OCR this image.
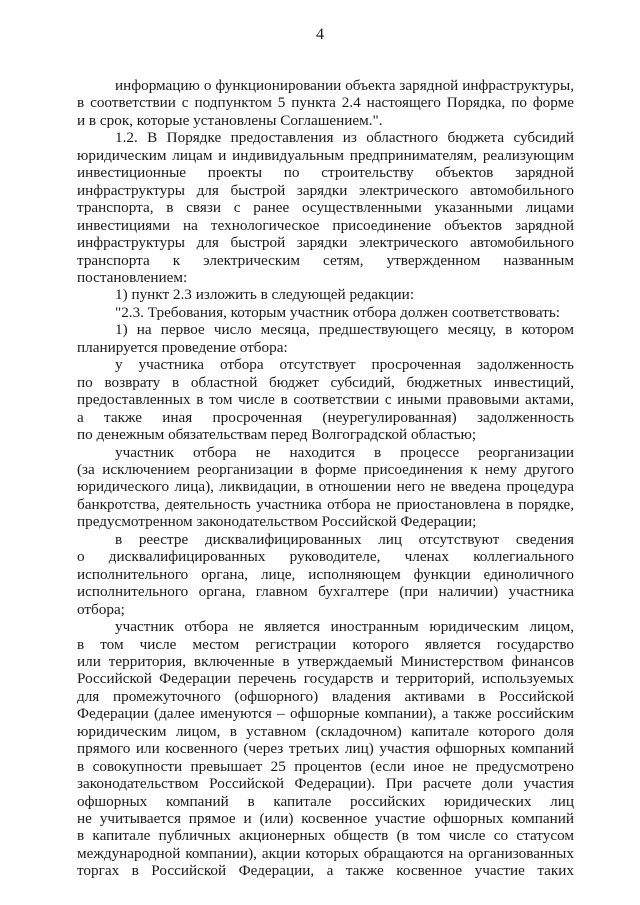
4
информацию о функционировании объекта зарядной инфраструктуры,
в соответствии с подпунктом 5 пункта 2.4 настоящего Порядка, по форме
и в срок, которые установлены Соглашением.".
1.2. В Порядке предоставления из областного бюджета субсидий
юридическим лицам и индивидуальным предпринимателям, реализующим
инвестиционные проекты по строительству объектов зарядной
инфраструктуры для быстрой зарядки электрического автомобильного
транспорта, в связи с ранее осуществленными указанными лицами
инвестициями на технологическое присоединение объектов зарядной
инфраструктуры для быстрой зарядки электрического автомобильного
транспорта к электрическим сетям, утвержденном названным
постановлением:
1) пункт 2.3 изложить в следующей редакции:
"2.3. Требования, которым участник отбора должен соответствовать:
1) на первое число месяца, предшествующего месяцу, в котором
планируется проведение отбора:
у участника отбора отсутствует просроченная задолженность
по возврату в областной бюджет субсидий, бюджетных инвестиций,
предоставленных в том числе в соответствии с иными правовыми актами,
а также иная просроченная (неурегулированная) задолженность
по денежным обязательствам перед Волгоградской областью;
участник отбора не находится в процессе реорганизации
(за исключением реорганизации в форме присоединения к нему другого
юридического лица), ликвидации, в отношении него не введена процедура
банкротства, деятельность участника отбора не приостановлена в порядке,
предусмотренном законодательством Российской Федерации;
в реестре дисквалифицированных лиц отсутствуют сведения
о дисквалифицированных руководителе, членах коллегиального
исполнительного органа, лице, исполняющем функции единоличного
исполнительного органа, главном бухгалтере (при наличии) участника
отбора;
участник отбора не является иностранным юридическим лицом,
в том числе местом регистрации которого является государство
или территория, включенные в утверждаемый Министерством финансов
Российской Федерации перечень государств и территорий, используемых
для промежуточного (офшорного) владения активами в Российской
Федерации (далее именуются – офшорные компании), а также российским
юридическим лицом, в уставном (складочном) капитале которого доля
прямого или косвенного (через третьих лиц) участия офшорных компаний
в совокупности превышает 25 процентов (если иное не предусмотрено
законодательством Российской Федерации). При расчете доли участия
офшорных компаний в капитале российских юридических лиц
не учитывается прямое и (или) косвенное участие офшорных компаний
в капитале публичных акционерных обществ (в том числе со статусом
международной компании), акции которых обращаются на организованных
торгах в Российской Федерации, а также косвенное участие таких
